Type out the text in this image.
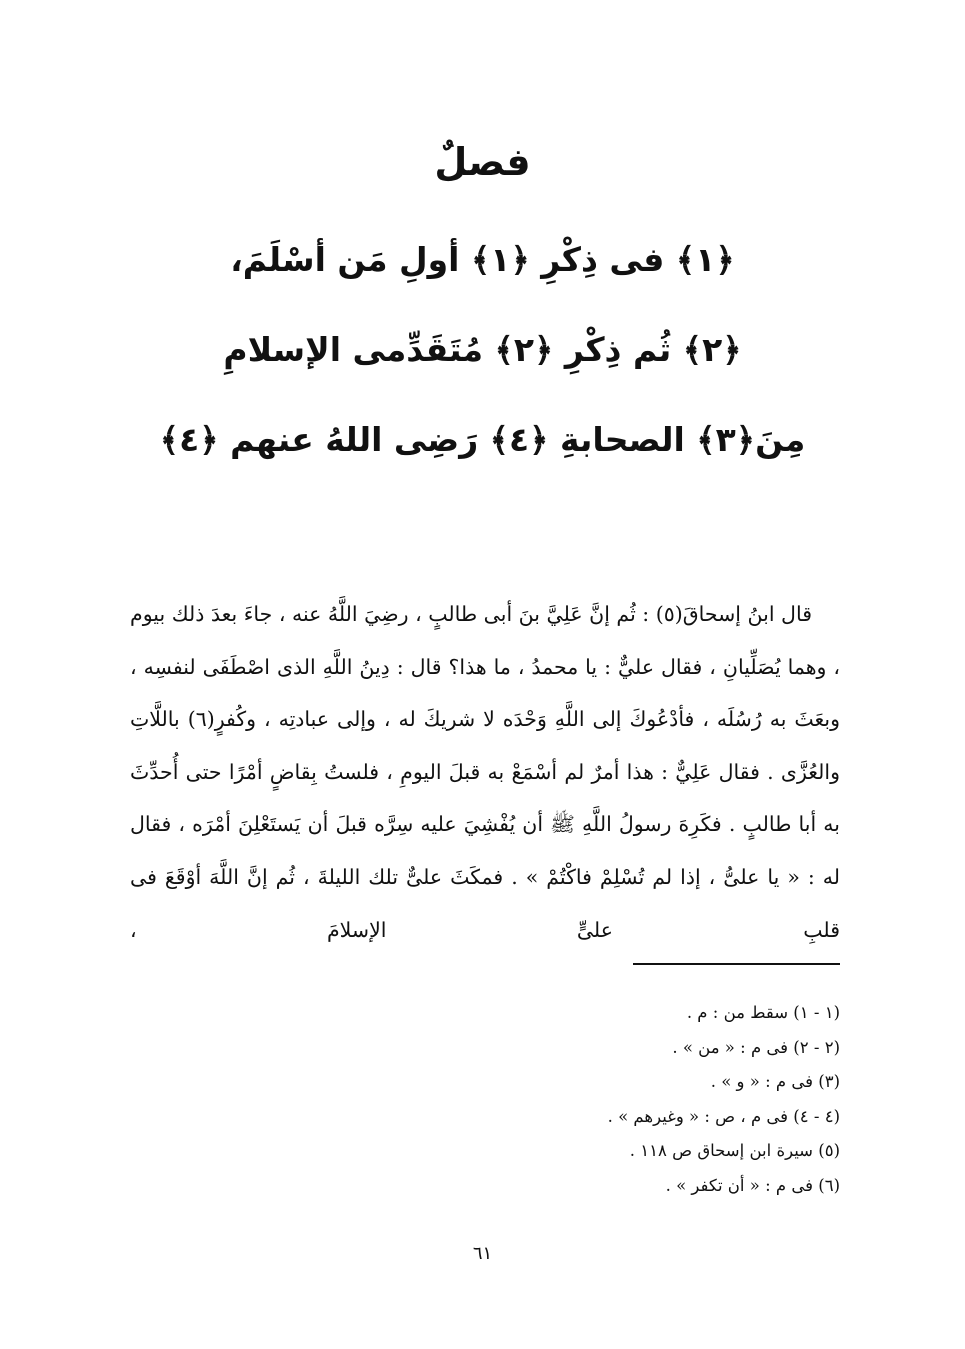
فصلٌ
﴿١﴾ فى ذِكْرِ ﴿١﴾ أولِ مَن أسْلَمَ،
﴿٢﴾ ثُم ذِكْرِ ﴿٢﴾ مُتَقَدِّمى الإسلامِ
مِنَ﴿٣﴾ الصحابةِ ﴿٤﴾ رَضِى اللهُ عنهم ﴿٤﴾

قال ابنُ إسحاقَ(٥) : ثُم إنَّ عَلِيَّ بنَ أبى طالبٍ ، رضِيَ اللَّهُ عنه ، جاءَ بعدَ ذلك بيوم ، وهما يُصَلِّيانِ ، فقال عليٌّ : يا محمدُ ، ما هذا؟ قال : دِينُ اللَّهِ الذى اصْطَفَى لنفسِه ، وبعَثَ به رُسُلَه ، فأدْعُوكَ إلى اللَّهِ وَحْدَه لا شريكَ له ، وإلى عبادتِه ، وكُفرٍ(٦) باللَّاتِ والعُزَّى . فقال عَلِيٌّ : هذا أمرٌ لم أسْمَعْ به قبلَ اليومِ ، فلستُ بِقاضٍ أمْرًا حتى أُحدِّثَ به أبا طالبٍ . فكَرِهَ رسولُ اللَّهِ ﷺ أن يُفْشِيَ عليه سِرَّه قبلَ أن يَستَعْلِنَ أمْرَه ، فقال له : « يا علىُّ ، إذا لم تُسْلِمْ فاكْتُمْ » . فمكَثَ علىٌّ تلك الليلةَ ، ثُم إنَّ اللَّهَ أوْقَعَ فى قلبِ علىٍّ الإسلامَ ،

(١ - ١) سقط من : م .
(٢ - ٢) فى م : « من » .
(٣) فى م : « و » .
(٤ - ٤) فى م ، ص : « وغيرهم » .
(٥) سيرة ابن إسحاق ص ١١٨ .
(٦) فى م : « أن تكفر » .
٦١
